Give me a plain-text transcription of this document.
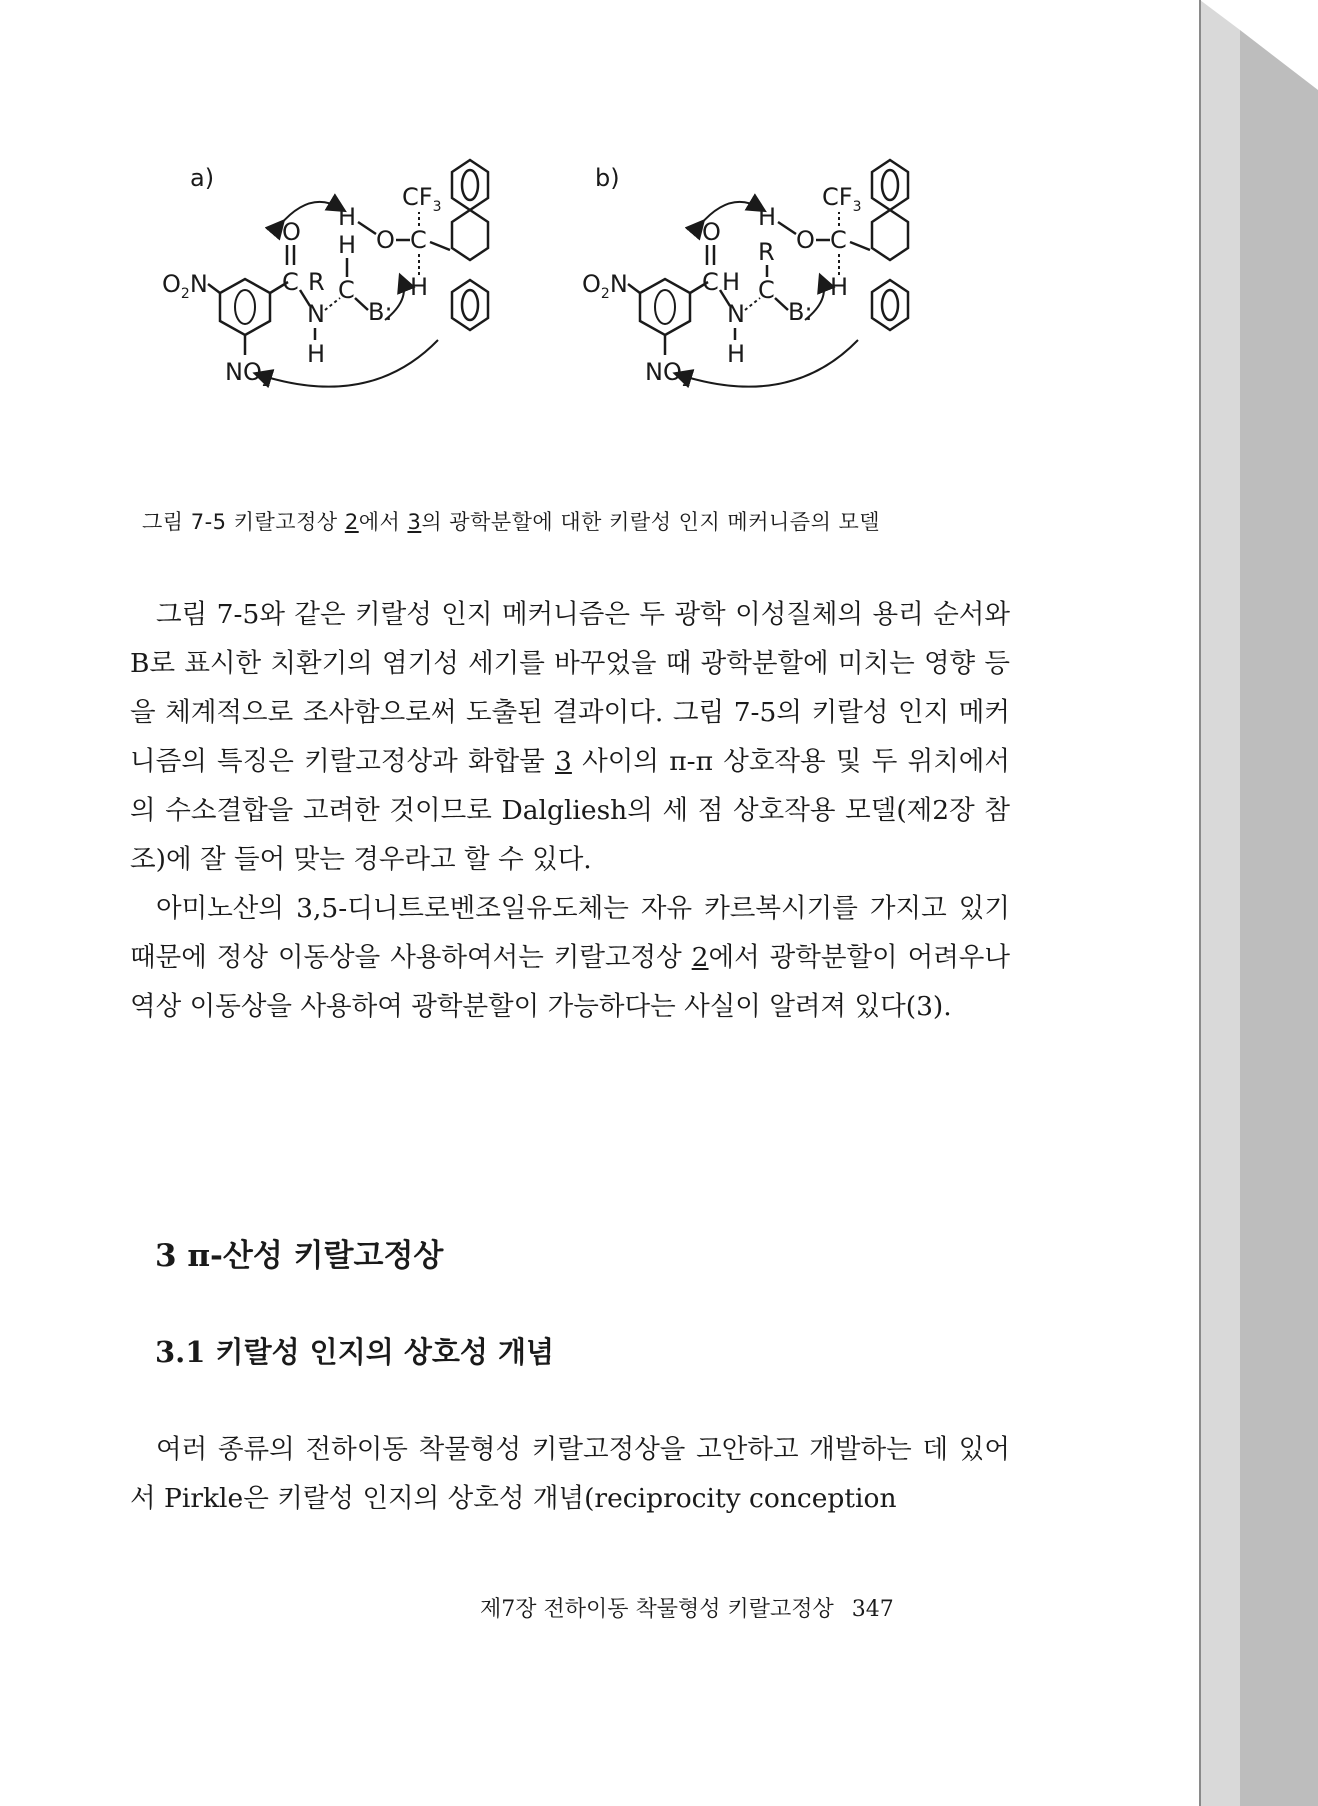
a)
$NO_2$
$O_2N$	C
O
N
H
R C
H
B:
H
O C
$CF_3$
H
b)
$NO_2$
$O_2N$	C
O
H
N
H
C
R
B:
H
O C
$CF_3$
H
그림 7-5 키랄고정상 2에서 3의 광학분할에 대한 키랄성 인지 메커니즘의 모델

그림 7-5와 같은 키랄성 인지 메커니즘은 두 광학 이성질체의 용리 순서와 B로 표시한 치환기의 염기성 세기를 바꾸었을 때 광학분할에 미치는 영향 등을 체계적으로 조사함으로써 도출된 결과이다. 그림 7-5의 키랄성 인지 메커니즘의 특징은 키랄고정상과 화합물 3 사이의 π-π 상호작용 및 두 위치에서의 수소결합을 고려한 것이므로 Dalgliesh의 세 점 상호작용 모델(제2장 참조)에 잘 들어 맞는 경우라고 할 수 있다.

아미노산의 3,5-디니트로벤조일유도체는 자유 카르복시기를 가지고 있기 때문에 정상 이동상을 사용하여서는 키랄고정상 2에서 광학분할이 어려우나 역상 이동상을 사용하여 광학분할이 가능하다는 사실이 알려져 있다(3).

3 π-산성 키랄고정상
3.1 키랄성 인지의 상호성 개념

여러 종류의 전하이동 착물형성 키랄고정상을 고안하고 개발하는 데 있어서 Pirkle은 키랄성 인지의 상호성 개념(reciprocity conception

제7장 전하이동 착물형성 키랄고정상 347
